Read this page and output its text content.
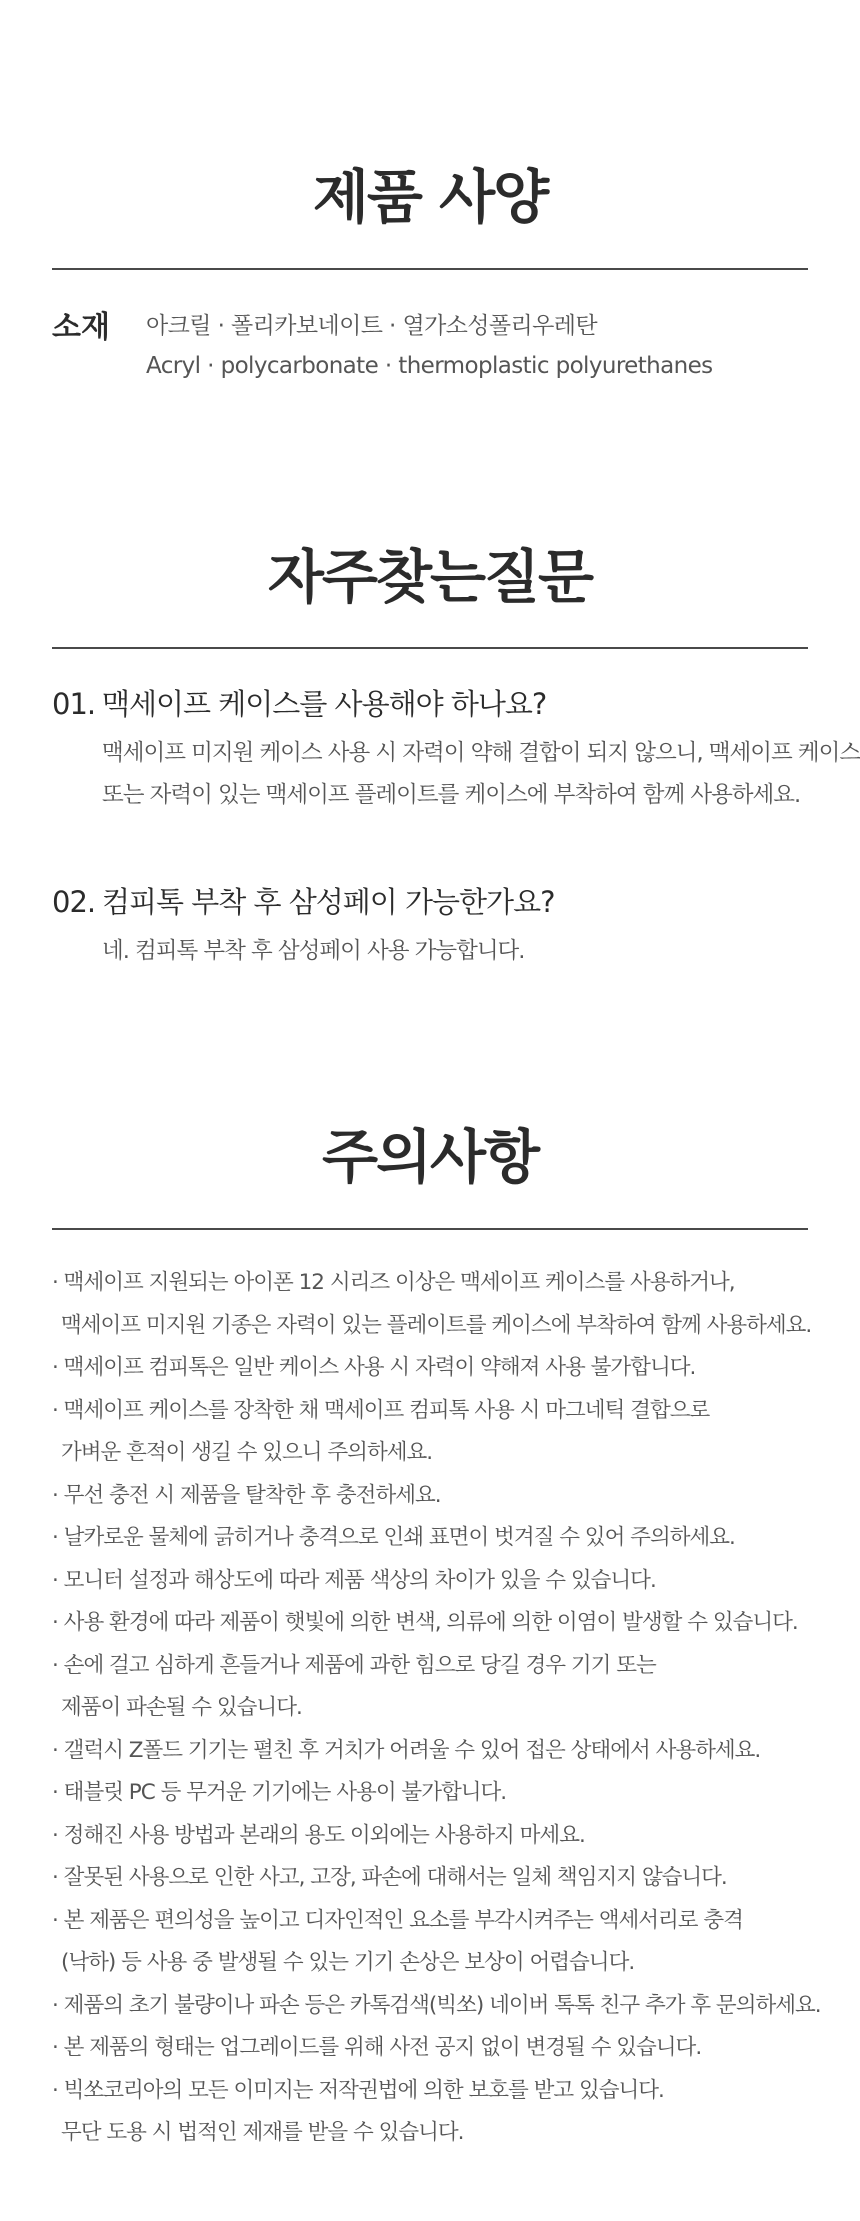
제품 사양
소재 아크릴 · 폴리카보네이트 · 열가소성폴리우레탄
Acryl · polycarbonate · thermoplastic polyurethanes
자주찾는질문
01. 맥세이프 케이스를 사용해야 하나요?
맥세이프 미지원 케이스 사용 시 자력이 약해 결합이 되지 않으니, 맥세이프 케이스
또는 자력이 있는 맥세이프 플레이트를 케이스에 부착하여 함께 사용하세요.
02. 컴피톡 부착 후 삼성페이 가능한가요?
네. 컴피톡 부착 후 삼성페이 사용 가능합니다.
주의사항
· 맥세이프 지원되는 아이폰 12 시리즈 이상은 맥세이프 케이스를 사용하거나,
맥세이프 미지원 기종은 자력이 있는 플레이트를 케이스에 부착하여 함께 사용하세요.
· 맥세이프 컴피톡은 일반 케이스 사용 시 자력이 약해져 사용 불가합니다.
· 맥세이프 케이스를 장착한 채 맥세이프 컴피톡 사용 시 마그네틱 결합으로
가벼운 흔적이 생길 수 있으니 주의하세요.
· 무선 충전 시 제품을 탈착한 후 충전하세요.
· 날카로운 물체에 긁히거나 충격으로 인쇄 표면이 벗겨질 수 있어 주의하세요.
· 모니터 설정과 해상도에 따라 제품 색상의 차이가 있을 수 있습니다.
· 사용 환경에 따라 제품이 햇빛에 의한 변색, 의류에 의한 이염이 발생할 수 있습니다.
· 손에 걸고 심하게 흔들거나 제품에 과한 힘으로 당길 경우 기기 또는
제품이 파손될 수 있습니다.
· 갤럭시 Z폴드 기기는 펼친 후 거치가 어려울 수 있어 접은 상태에서 사용하세요.
· 태블릿 PC 등 무거운 기기에는 사용이 불가합니다.
· 정해진 사용 방법과 본래의 용도 이외에는 사용하지 마세요.
· 잘못된 사용으로 인한 사고, 고장, 파손에 대해서는 일체 책임지지 않습니다.
· 본 제품은 편의성을 높이고 디자인적인 요소를 부각시켜주는 액세서리로 충격
(낙하) 등 사용 중 발생될 수 있는 기기 손상은 보상이 어렵습니다.
· 제품의 초기 불량이나 파손 등은 카톡검색(빅쏘) 네이버 톡톡 친구 추가 후 문의하세요.
· 본 제품의 형태는 업그레이드를 위해 사전 공지 없이 변경될 수 있습니다.
· 빅쏘코리아의 모든 이미지는 저작권법에 의한 보호를 받고 있습니다.
무단 도용 시 법적인 제재를 받을 수 있습니다.
